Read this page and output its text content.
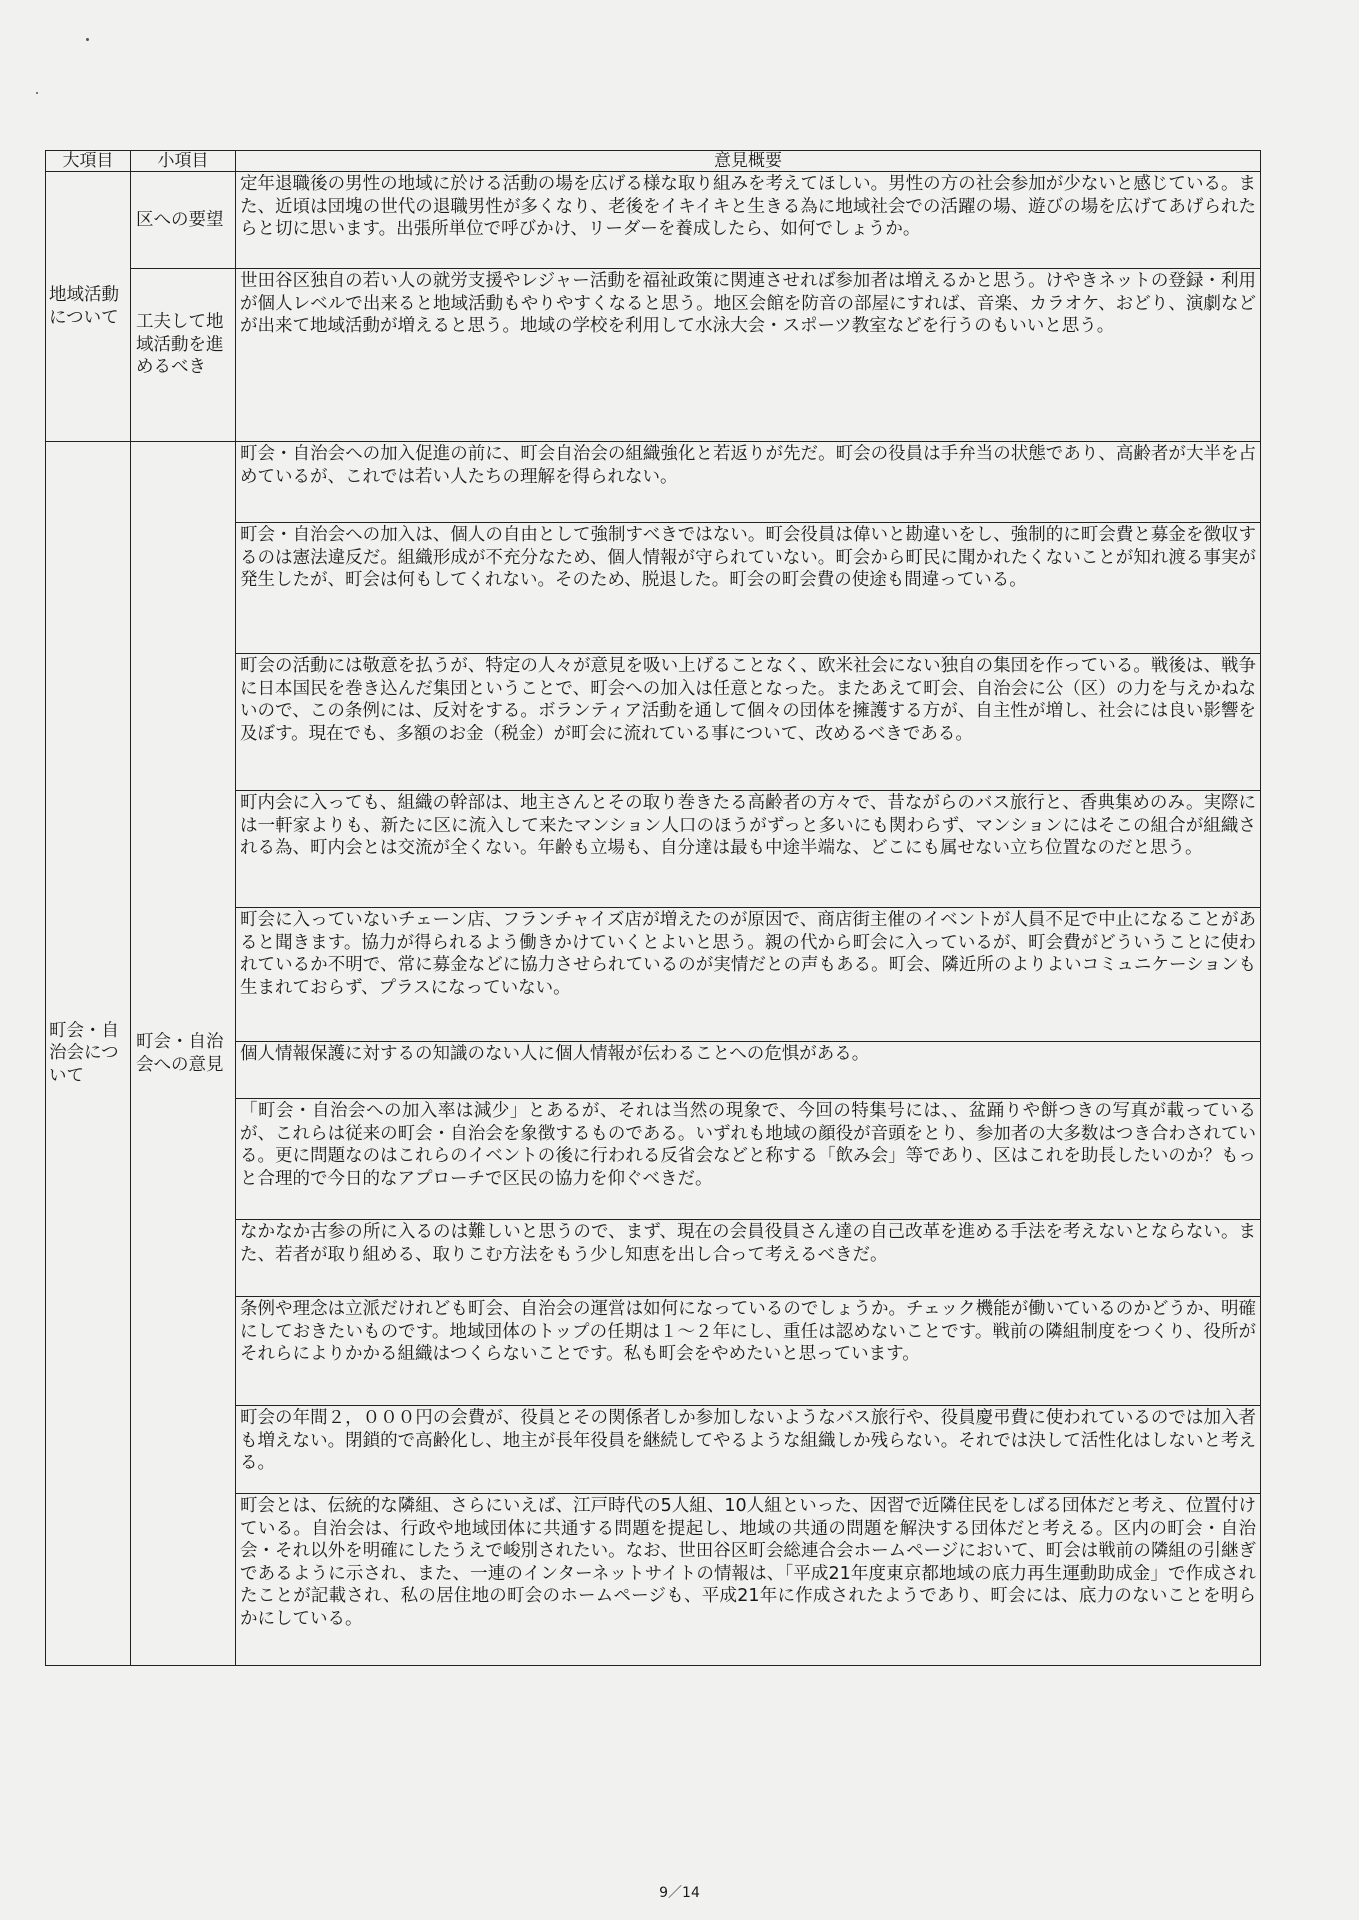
大項目	小項目	意見概要
地域活動について	区への要望	定年退職後の男性の地域に於ける活動の場を広げる様な取り組みを考えてほしい。男性の方の社会参加が少ないと感じている。また、近頃は団塊の世代の退職男性が多くなり、老後をイキイキと生きる為に地域社会での活躍の場、遊びの場を広げてあげられたらと切に思います。出張所単位で呼びかけ、リーダーを養成したら、如何でしょうか。
	工夫して地域活動を進めるべき	世田谷区独自の若い人の就労支援やレジャー活動を福祉政策に関連させれば参加者は増えるかと思う。けやきネットの登録・利用が個人レベルで出来ると地域活動もやりやすくなると思う。地区会館を防音の部屋にすれば、音楽、カラオケ、おどり、演劇などが出来て地域活動が増えると思う。地域の学校を利用して水泳大会・スポーツ教室などを行うのもいいと思う。
町会・自治会について	町会・自治会への意見	町会・自治会への加入促進の前に、町会自治会の組織強化と若返りが先だ。町会の役員は手弁当の状態であり、高齢者が大半を占めているが、これでは若い人たちの理解を得られない。
		町会・自治会への加入は、個人の自由として強制すべきではない。町会役員は偉いと勘違いをし、強制的に町会費と募金を徴収するのは憲法違反だ。組織形成が不充分なため、個人情報が守られていない。町会から町民に聞かれたくないことが知れ渡る事実が発生したが、町会は何もしてくれない。そのため、脱退した。町会の町会費の使途も間違っている。
		町会の活動には敬意を払うが、特定の人々が意見を吸い上げることなく、欧米社会にない独自の集団を作っている。戦後は、戦争に日本国民を巻き込んだ集団ということで、町会への加入は任意となった。またあえて町会、自治会に公（区）の力を与えかねないので、この条例には、反対をする。ボランティア活動を通して個々の団体を擁護する方が、自主性が増し、社会には良い影響を及ぼす。現在でも、多額のお金（税金）が町会に流れている事について、改めるべきである。
		町内会に入っても、組織の幹部は、地主さんとその取り巻きたる高齢者の方々で、昔ながらのバス旅行と、香典集めのみ。実際には一軒家よりも、新たに区に流入して来たマンション人口のほうがずっと多いにも関わらず、マンションにはそこの組合が組織される為、町内会とは交流が全くない。年齢も立場も、自分達は最も中途半端な、どこにも属せない立ち位置なのだと思う。
		町会に入っていないチェーン店、フランチャイズ店が増えたのが原因で、商店街主催のイベントが人員不足で中止になることがあると聞きます。協力が得られるよう働きかけていくとよいと思う。親の代から町会に入っているが、町会費がどういうことに使われているか不明で、常に募金などに協力させられているのが実情だとの声もある。町会、隣近所のよりよいコミュニケーションも生まれておらず、プラスになっていない。
		個人情報保護に対するの知識のない人に個人情報が伝わることへの危惧がある。
		「町会・自治会への加入率は減少」とあるが、それは当然の現象で、今回の特集号には、、盆踊りや餅つきの写真が載っているが、これらは従来の町会・自治会を象徴するものである。いずれも地域の顔役が音頭をとり、参加者の大多数はつき合わされている。更に問題なのはこれらのイベントの後に行われる反省会などと称する「飲み会」等であり、区はこれを助長したいのか？もっと合理的で今日的なアプローチで区民の協力を仰ぐべきだ。
		なかなか古参の所に入るのは難しいと思うので、まず、現在の会員役員さん達の自己改革を進める手法を考えないとならない。また、若者が取り組める、取りこむ方法をもう少し知恵を出し合って考えるべきだ。
		条例や理念は立派だけれども町会、自治会の運営は如何になっているのでしょうか。チェック機能が働いているのかどうか、明確にしておきたいものです。地域団体のトップの任期は１～２年にし、重任は認めないことです。戦前の隣組制度をつくり、役所がそれらによりかかる組織はつくらないことです。私も町会をやめたいと思っています。
		町会の年間２，０００円の会費が、役員とその関係者しか参加しないようなバス旅行や、役員慶弔費に使われているのでは加入者も増えない。閉鎖的で高齢化し、地主が長年役員を継続してやるような組織しか残らない。それでは決して活性化はしないと考える。
		町会とは、伝統的な隣組、さらにいえば、江戸時代の5人組、10人組といった、因習で近隣住民をしばる団体だと考え、位置付けている。自治会は、行政や地域団体に共通する問題を提起し、地域の共通の問題を解決する団体だと考える。区内の町会・自治会・それ以外を明確にしたうえで峻別されたい。なお、世田谷区町会総連合会ホームページにおいて、町会は戦前の隣組の引継ぎであるように示され、また、一連のインターネットサイトの情報は、「平成21年度東京都地域の底力再生運動助成金」で作成されたことが記載され、私の居住地の町会のホームページも、平成21年に作成されたようであり、町会には、底力のないことを明らかにしている。
9／14
